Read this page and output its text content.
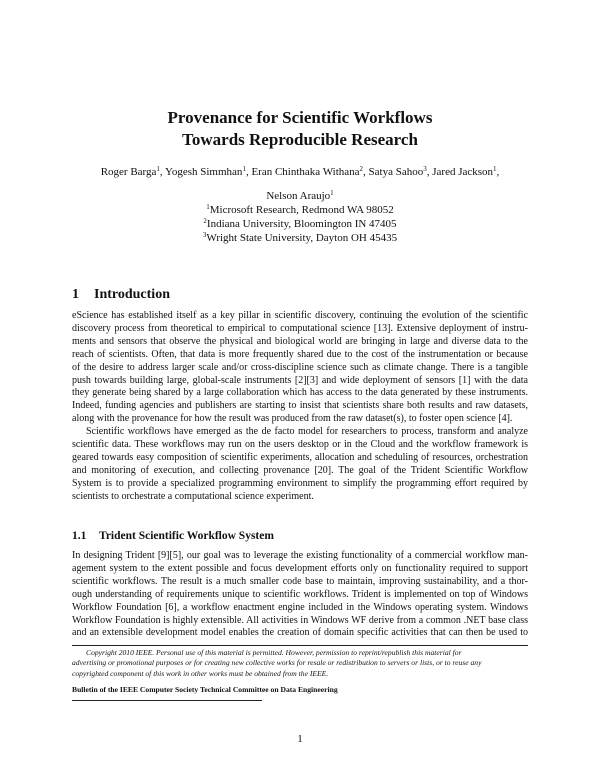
Provenance for Scientific Workflows
Towards Reproducible Research
Roger Barga$^1$, Yogesh Simmhan$^1$, Eran Chinthaka Withana$^2$, Satya Sahoo$^3$, Jared Jackson$^1$,
Nelson Araujo$^1$
$^1$Microsoft Research, Redmond WA 98052
$^2$Indiana University, Bloomington IN 47405
$^3$Wright State University, Dayton OH 45435
1 Introduction
eScience has established itself as a key pillar in scientific discovery, continuing the evolution of the scientific
discovery process from theoretical to empirical to computational science [13]. Extensive deployment of instru-
ments and sensors that observe the physical and biological world are bringing in large and diverse data to the
reach of scientists. Often, that data is more frequently shared due to the cost of the instrumentation or because
of the desire to address larger scale and/or cross-discipline science such as climate change. There is a tangible
push towards building large, global-scale instruments [2][3] and wide deployment of sensors [1] with the data
they generate being shared by a large collaboration which has access to the data generated by these instruments.
Indeed, funding agencies and publishers are starting to insist that scientists share both results and raw datasets,
along with the provenance for how the result was produced from the raw dataset(s), to foster open science [4].
Scientific workflows have emerged as the de facto model for researchers to process, transform and analyze
scientific data. These workflows may run on the users desktop or in the Cloud and the workflow framework is
geared towards easy composition of scientific experiments, allocation and scheduling of resources, orchestration
and monitoring of execution, and collecting provenance [20]. The goal of the Trident Scientific Workflow
System is to provide a specialized programming environment to simplify the programming effort required by
scientists to orchestrate a computational science experiment.
1.1 Trident Scientific Workflow System
In designing Trident [9][5], our goal was to leverage the existing functionality of a commercial workflow man-
agement system to the extent possible and focus development efforts only on functionality required to support
scientific workflows. The result is a much smaller code base to maintain, improving sustainability, and a thor-
ough understanding of requirements unique to scientific workflows. Trident is implemented on top of Windows
Workflow Foundation [6], a workflow enactment engine included in the Windows operating system. Windows
Workflow Foundation is highly extensible. All activities in Windows WF derive from a common .NET base class
and an extensible development model enables the creation of domain specific activities that can then be used to
Copyright 2010 IEEE. Personal use of this material is permitted. However, permission to reprint/republish this material for
advertising or promotional purposes or for creating new collective works for resale or redistribution to servers or lists, or to reuse any
copyrighted component of this work in other works must be obtained from the IEEE.
Bulletin of the IEEE Computer Society Technical Committee on Data Engineering
1
